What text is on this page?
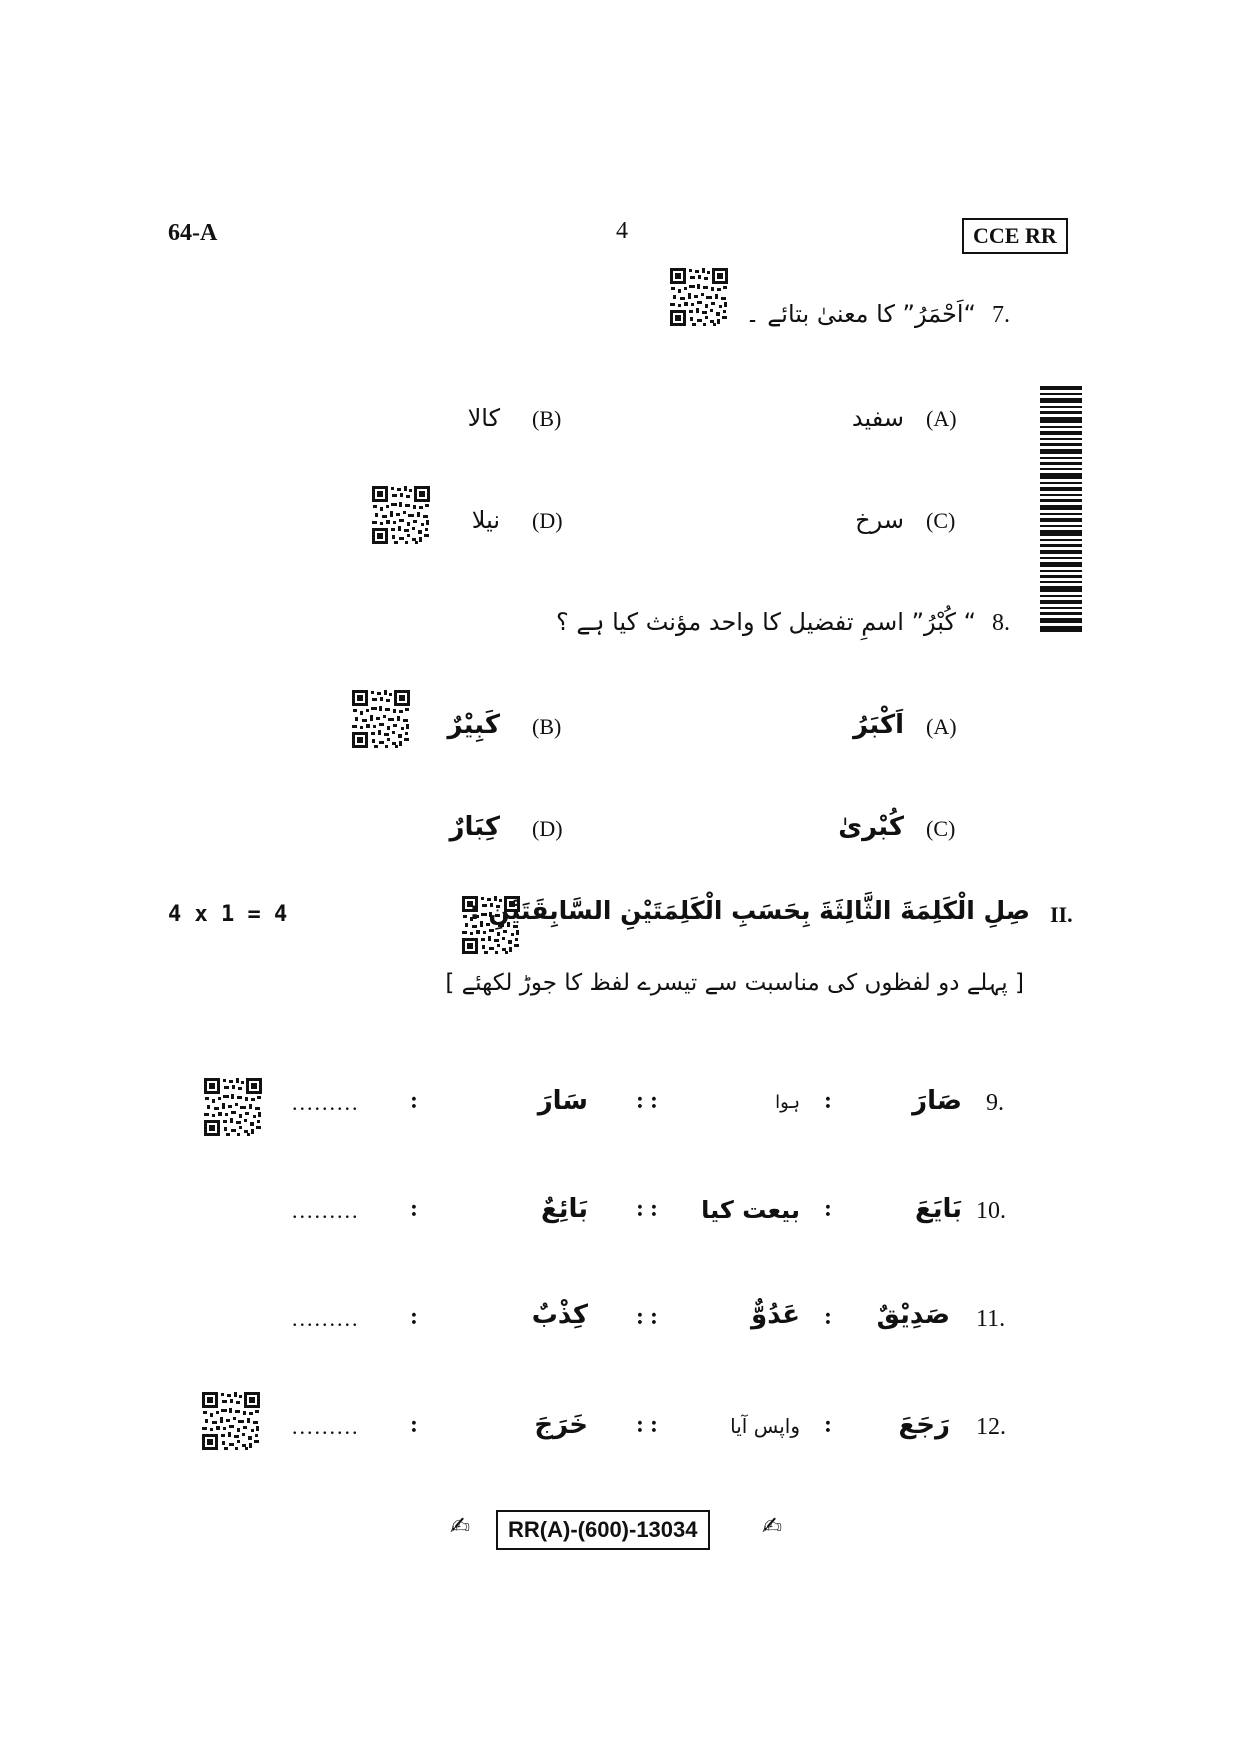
64-A	4	CCE RR
7.
“اَحْمَرُ” کا معنیٰ بتائے ۔
(A)
سفید
(B)
کالا
(C)
سرخ
(D)
نیلا
8.
“ کُبْرُ” اسمِ تفضیل کا واحد مؤنث کیا ہے ؟
(A)
اَکْبَرُ
(B)
کَبِیْرٌ
(C)
کُبْریٰ
(D)
کِبَارٌ
4 x 1 = 4	II.
صِلِ الْكَلِمَةَ الثَّالِثَةَ بِحَسَبِ الْكَلِمَتَيْنِ السَّابِقَتَيْنِ :
[ پہلے دو لفظوں کی مناسبت سے تیسرے لفظ کا جوڑ لکھئے ]
9.
صَارَ
:
ہوا
: :
سَارَ
:
.........
10.
بَايَعَ
:
بیعت کیا
: :
بَائِعٌ
:
.........
11.
صَدِيْقٌ
:
عَدُوٌّ
: :
كِذْبٌ
:
.........
12.
رَجَعَ
:
واپس آیا
: :
خَرَجَ
:
.........
✍	RR(A)-(600)-13034	✍
